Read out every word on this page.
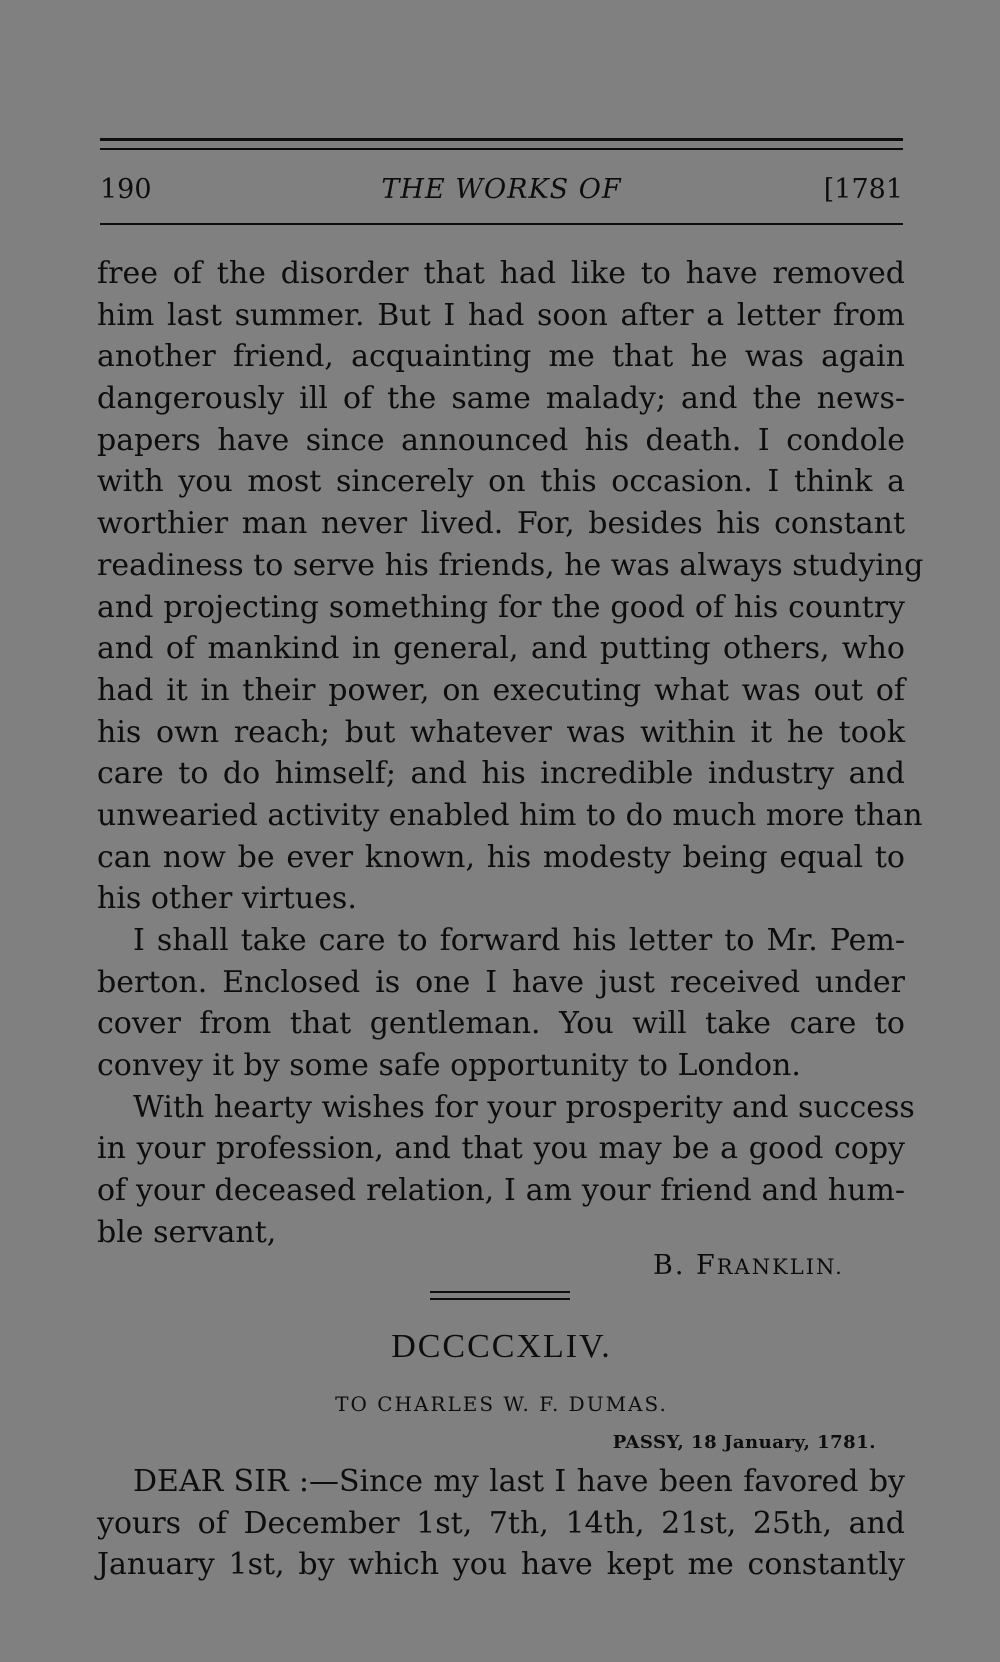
190	THE WORKS OF	[1781
free of the disorder that had like to have removed
him last summer. But I had soon after a letter from
another friend, acquainting me that he was again
dangerously ill of the same malady; and the news-
papers have since announced his death. I condole
with you most sincerely on this occasion. I think a
worthier man never lived. For, besides his constant
readiness to serve his friends, he was always studying
and projecting something for the good of his country
and of mankind in general, and putting others, who
had it in their power, on executing what was out of
his own reach; but whatever was within it he took
care to do himself; and his incredible industry and
unwearied activity enabled him to do much more than
can now be ever known, his modesty being equal to
his other virtues.
I shall take care to forward his letter to Mr. Pem-
berton. Enclosed is one I have just received under
cover from that gentleman. You will take care to
convey it by some safe opportunity to London.
With hearty wishes for your prosperity and success
in your profession, and that you may be a good copy
of your deceased relation, I am your friend and hum-
ble servant,
B. FRANKLIN.
DCCCCXLIV.
TO CHARLES W. F. DUMAS.
PASSY, 18 January, 1781.
DEAR SIR :—Since my last I have been favored by
yours of December 1st, 7th, 14th, 21st, 25th, and
January 1st, by which you have kept me constantly
